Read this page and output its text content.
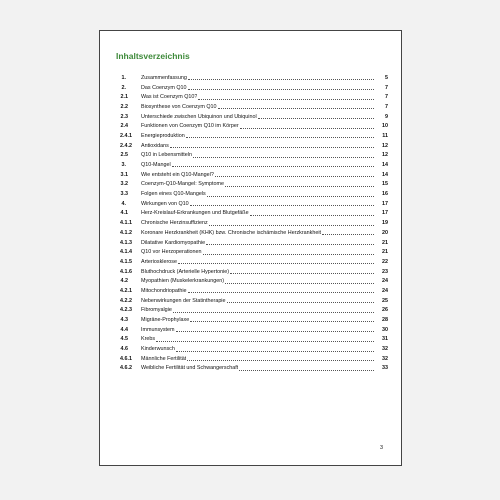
Inhaltsverzeichnis
1.	Zusammenfassung	5
2.	Das Coenzym Q10	7
2.1 Was ist Coenzym Q10?	7
2.2 Biosynthese von Coenzym Q10	7
2.3 Unterschiede zwischen Ubiquinon und Ubiquinol	9
2.4 Funktionen von Coenzym Q10 im Körper	10
2.4.1 Energieproduktion	11
2.4.2 Antioxidans	12
2.5 Q10 in Lebensmitteln	12
3.	Q10-Mangel	14
3.1 Wie entsteht ein Q10-Mangel?	14
3.2 Coenzym-Q10-Mangel: Symptome	15
3.3 Folgen eines Q10-Mangels	16
4.	Wirkungen von Q10	17
4.1 Herz-Kreislauf-Erkrankungen und Blutgefäße	17
4.1.1 Chronische Herzinsuffizienz	19
4.1.2 Koronare Herzkrankheit (KHK) bzw. Chronische ischämische Herzkrankheit	20
4.1.3 Dilatative Kardiomyopathie	21
4.1.4 Q10 vor Herzoperationen	21
4.1.5 Arteriosklerose	22
4.1.6 Bluthochdruck (Arterielle Hypertonie)	23
4.2 Myopathien (Muskelerkrankungen)	24
4.2.1 Mitochondriopathie	24
4.2.2 Nebenwirkungen der Statintherapie	25
4.2.3 Fibromyalgie	26
4.3 Migräne-Prophylaxe	28
4.4 Immunsystem	30
4.5 Krebs	31
4.6 Kinderwunsch	32
4.6.1 Männliche Fertilität	32
4.6.2 Weibliche Fertilität und Schwangerschaft	33
3
